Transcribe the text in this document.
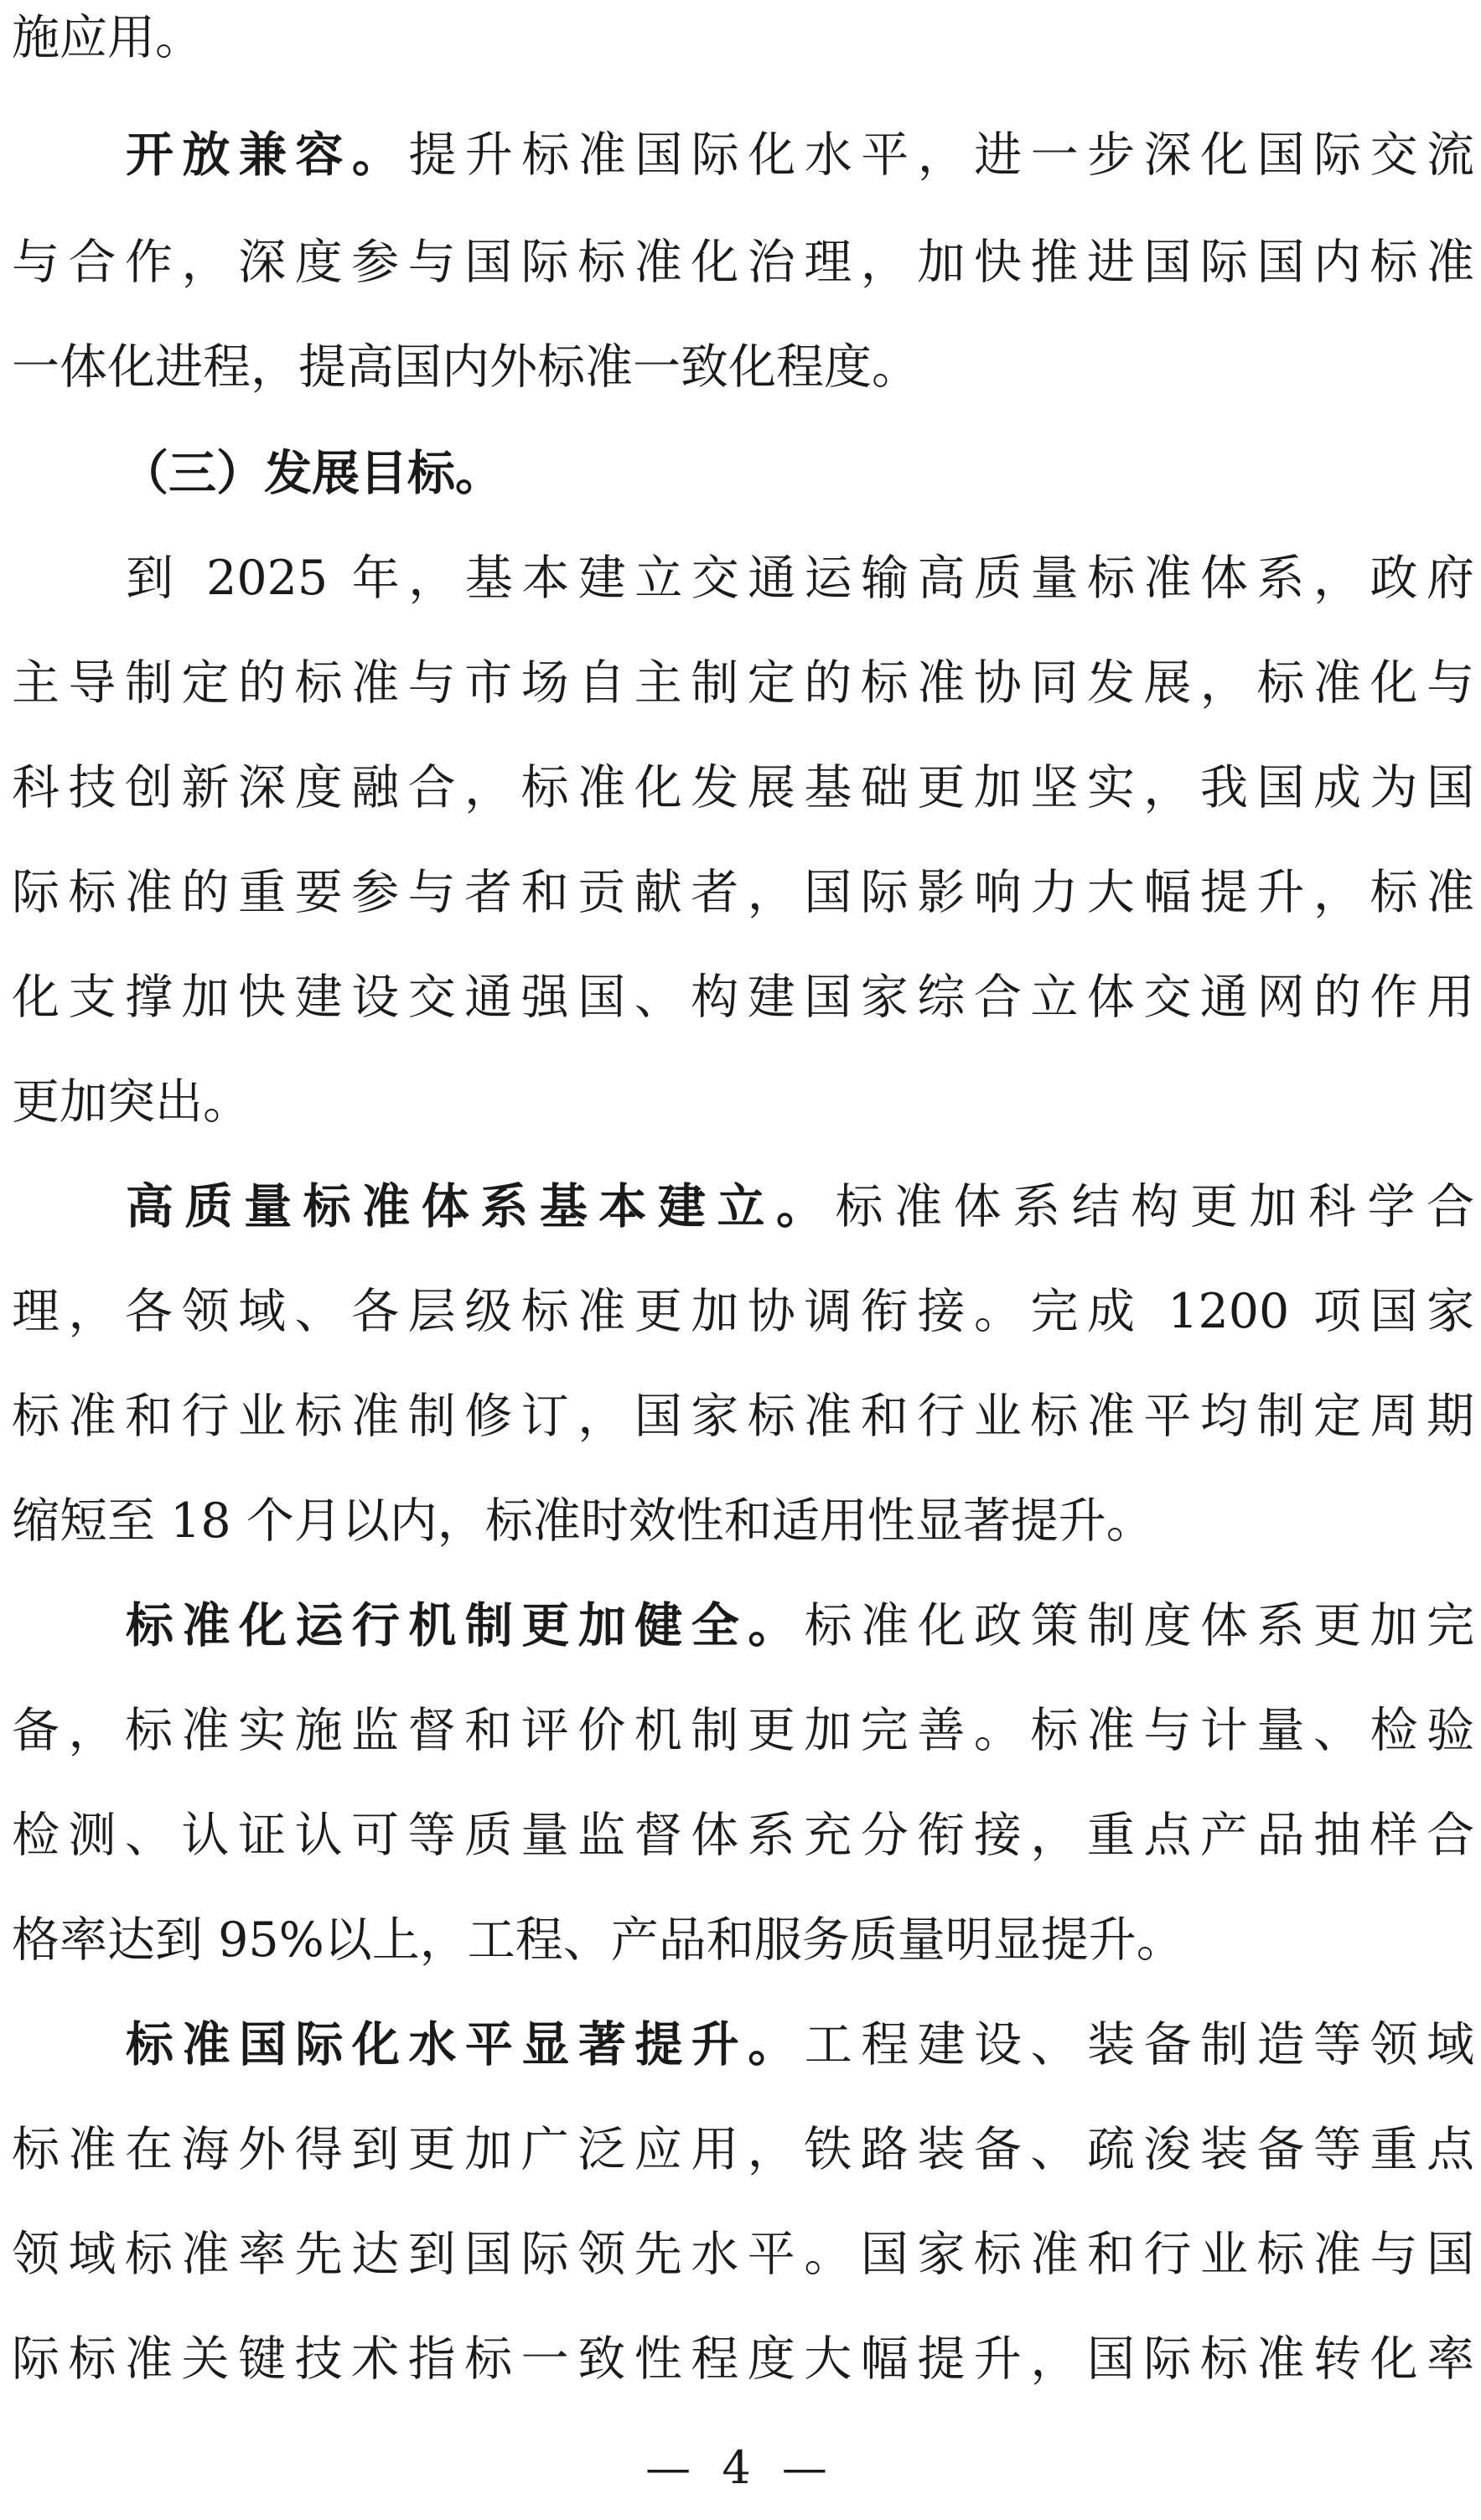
施应用。
开放兼容。提升标准国际化水平，进一步深化国际交流
与合作，深度参与国际标准化治理，加快推进国际国内标准
一体化进程，提高国内外标准一致化程度。
（三）发展目标。
到 2025 年，基本建立交通运输高质量标准体系，政府
主导制定的标准与市场自主制定的标准协同发展，标准化与
科技创新深度融合，标准化发展基础更加坚实，我国成为国
际标准的重要参与者和贡献者，国际影响力大幅提升，标准
化支撑加快建设交通强国、构建国家综合立体交通网的作用
更加突出。
高质量标准体系基本建立。标准体系结构更加科学合
理，各领域、各层级标准更加协调衔接。完成 1200 项国家
标准和行业标准制修订，国家标准和行业标准平均制定周期
缩短至 18 个月以内，标准时效性和适用性显著提升。
标准化运行机制更加健全。标准化政策制度体系更加完
备，标准实施监督和评价机制更加完善。标准与计量、检验
检测、认证认可等质量监督体系充分衔接，重点产品抽样合
格率达到 95%以上，工程、产品和服务质量明显提升。
标准国际化水平显著提升。工程建设、装备制造等领域
标准在海外得到更加广泛应用，铁路装备、疏浚装备等重点
领域标准率先达到国际领先水平。国家标准和行业标准与国
际标准关键技术指标一致性程度大幅提升，国际标准转化率
— 4 —
